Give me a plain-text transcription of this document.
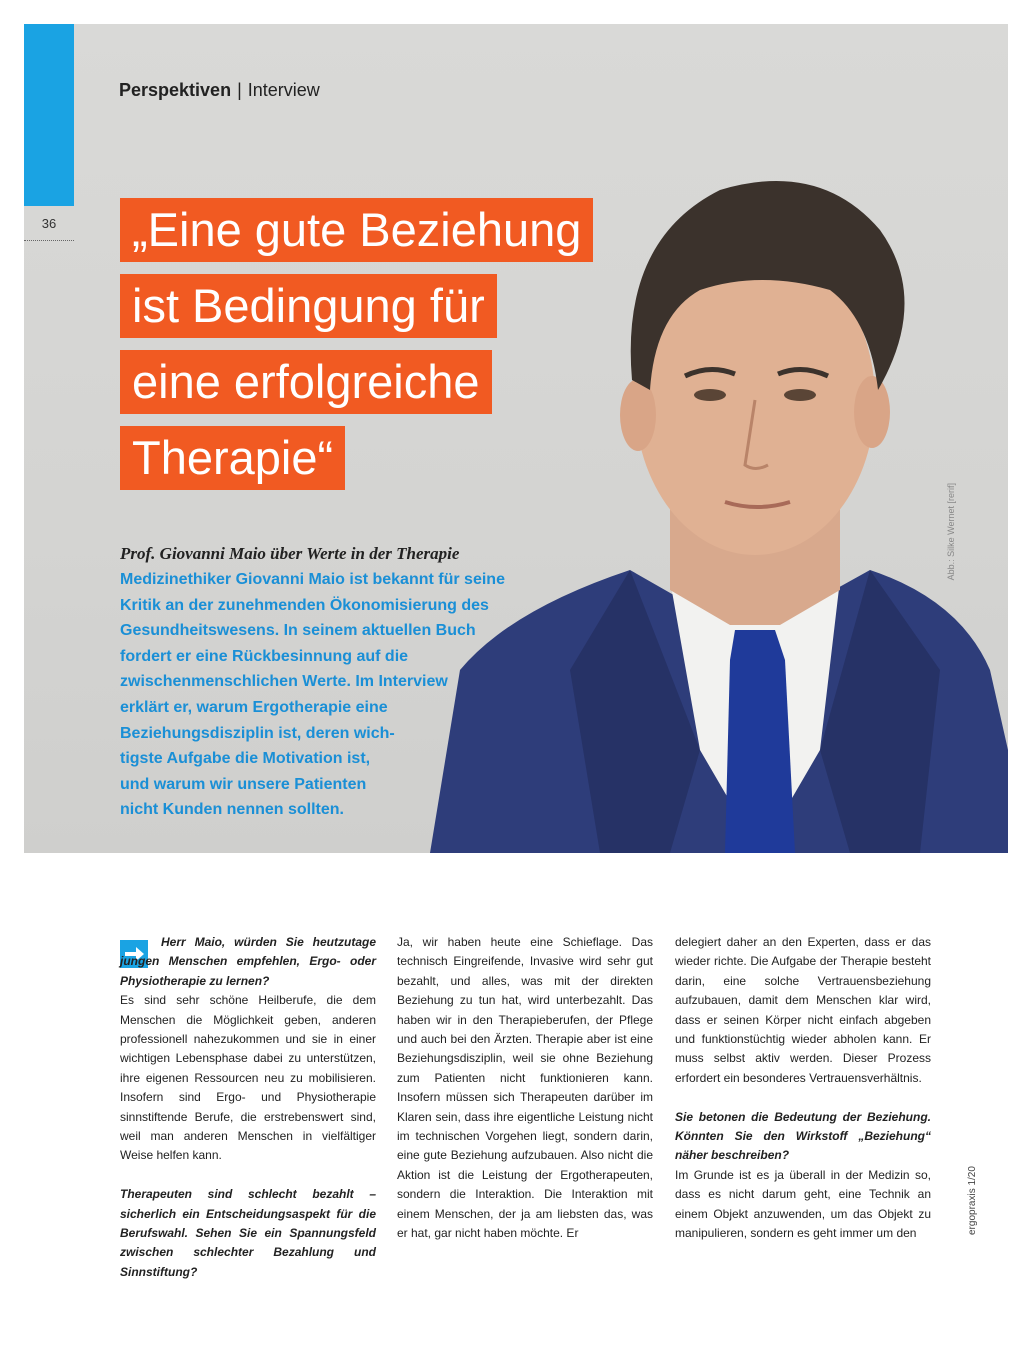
36
Perspektiven | Interview
„Eine gute Beziehung
ist Bedingung für
eine erfolgreiche
Therapie“
Prof. Giovanni Maio über Werte in der Therapie
Medizinethiker Giovanni Maio ist bekannt für seine
Kritik an der zunehmenden Ökonomisierung des
Gesundheitswesens. In seinem aktuellen Buch
fordert er eine Rückbesinnung auf die
zwischenmenschlichen Werte. Im Interview
erklärt er, warum Ergotherapie eine
Beziehungsdisziplin ist, deren wich-
tigste Aufgabe die Motivation ist,
und warum wir unsere Patienten
nicht Kunden nennen sollten.
Abb.: Silke Wernet [rerif]

Herr Maio, würden Sie heutzutage jungen Menschen empfehlen, Ergo- oder Physiotherapie zu lernen?

Es sind sehr schöne Heilberufe, die dem Menschen die Möglichkeit geben, anderen professionell nahezukommen und sie in einer wichtigen Lebensphase dabei zu unterstützen, ihre eigenen Ressourcen neu zu mobilisieren. Insofern sind Ergo- und Physiotherapie sinnstiftende Berufe, die erstrebenswert sind, weil man anderen Menschen in vielfältiger Weise helfen kann.

Therapeuten sind schlecht bezahlt – sicherlich ein Entscheidungsaspekt für die Berufswahl. Sehen Sie ein Spannungsfeld zwischen schlechter Bezahlung und Sinnstiftung?

Ja, wir haben heute eine Schieflage. Das technisch Eingreifende, Invasive wird sehr gut bezahlt, und alles, was mit der direkten Beziehung zu tun hat, wird unterbezahlt. Das haben wir in den Therapieberufen, der Pflege und auch bei den Ärzten. Therapie aber ist eine Beziehungsdisziplin, weil sie ohne Beziehung zum Patienten nicht funktionieren kann. Insofern müssen sich Therapeuten darüber im Klaren sein, dass ihre eigentliche Leistung nicht im technischen Vorgehen liegt, sondern darin, eine gute Beziehung aufzubauen. Also nicht die Aktion ist die Leistung der Ergotherapeuten, sondern die Interaktion. Die Interaktion mit einem Menschen, der ja am liebsten das, was er hat, gar nicht haben möchte. Er

delegiert daher an den Experten, dass er das wieder richte. Die Aufgabe der Therapie besteht darin, eine solche Vertrauensbeziehung aufzubauen, damit dem Menschen klar wird, dass er seinen Körper nicht einfach abgeben und funktionstüchtig wieder abholen kann. Er muss selbst aktiv werden. Dieser Prozess erfordert ein besonderes Vertrauensverhältnis.

Sie betonen die Bedeutung der Beziehung. Könnten Sie den Wirkstoff „Beziehung“ näher beschreiben?

Im Grunde ist es ja überall in der Medizin so, dass es nicht darum geht, eine Technik an einem Objekt anzuwenden, um das Objekt zu manipulieren, sondern es geht immer um den	ergopraxis 1/20
